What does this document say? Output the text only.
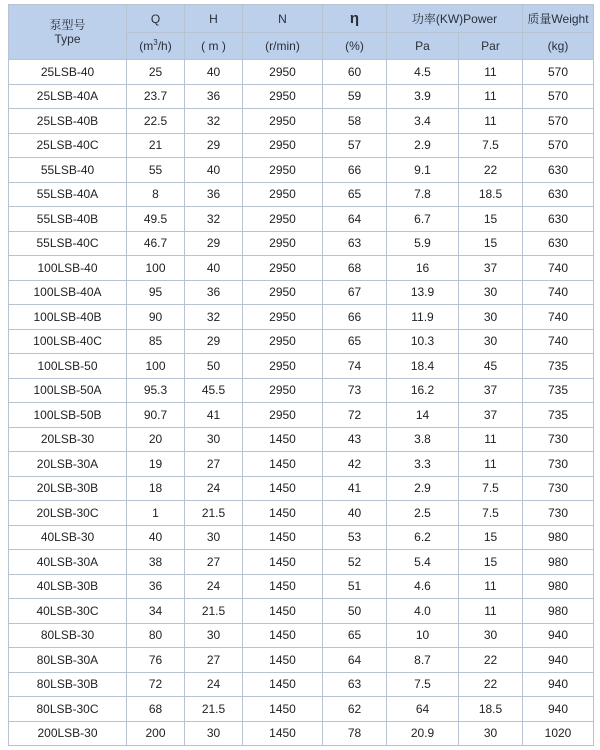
泵型号
Type	Q	H	N	η	功率(KW)Power		质量Weight
	$(m^3/h)$	( m )	(r/min)	(%)	Pa	Par	(kg)
25LSB-40	25	40	2950	60	4.5	11	570
25LSB-40A	23.7	36	2950	59	3.9	11	570
25LSB-40B	22.5	32	2950	58	3.4	11	570
25LSB-40C	21	29	2950	57	2.9	7.5	570
55LSB-40	55	40	2950	66	9.1	22	630
55LSB-40A	8	36	2950	65	7.8	18.5	630
55LSB-40B	49.5	32	2950	64	6.7	15	630
55LSB-40C	46.7	29	2950	63	5.9	15	630
100LSB-40	100	40	2950	68	16	37	740
100LSB-40A	95	36	2950	67	13.9	30	740
100LSB-40B	90	32	2950	66	11.9	30	740
100LSB-40C	85	29	2950	65	10.3	30	740
100LSB-50	100	50	2950	74	18.4	45	735
100LSB-50A	95.3	45.5	2950	73	16.2	37	735
100LSB-50B	90.7	41	2950	72	14	37	735
20LSB-30	20	30	1450	43	3.8	11	730
20LSB-30A	19	27	1450	42	3.3	11	730
20LSB-30B	18	24	1450	41	2.9	7.5	730
20LSB-30C	1	21.5	1450	40	2.5	7.5	730
40LSB-30	40	30	1450	53	6.2	15	980
40LSB-30A	38	27	1450	52	5.4	15	980
40LSB-30B	36	24	1450	51	4.6	11	980
40LSB-30C	34	21.5	1450	50	4.0	11	980
80LSB-30	80	30	1450	65	10	30	940
80LSB-30A	76	27	1450	64	8.7	22	940
80LSB-30B	72	24	1450	63	7.5	22	940
80LSB-30C	68	21.5	1450	62	64	18.5	940
200LSB-30	200	30	1450	78	20.9	30	1020
